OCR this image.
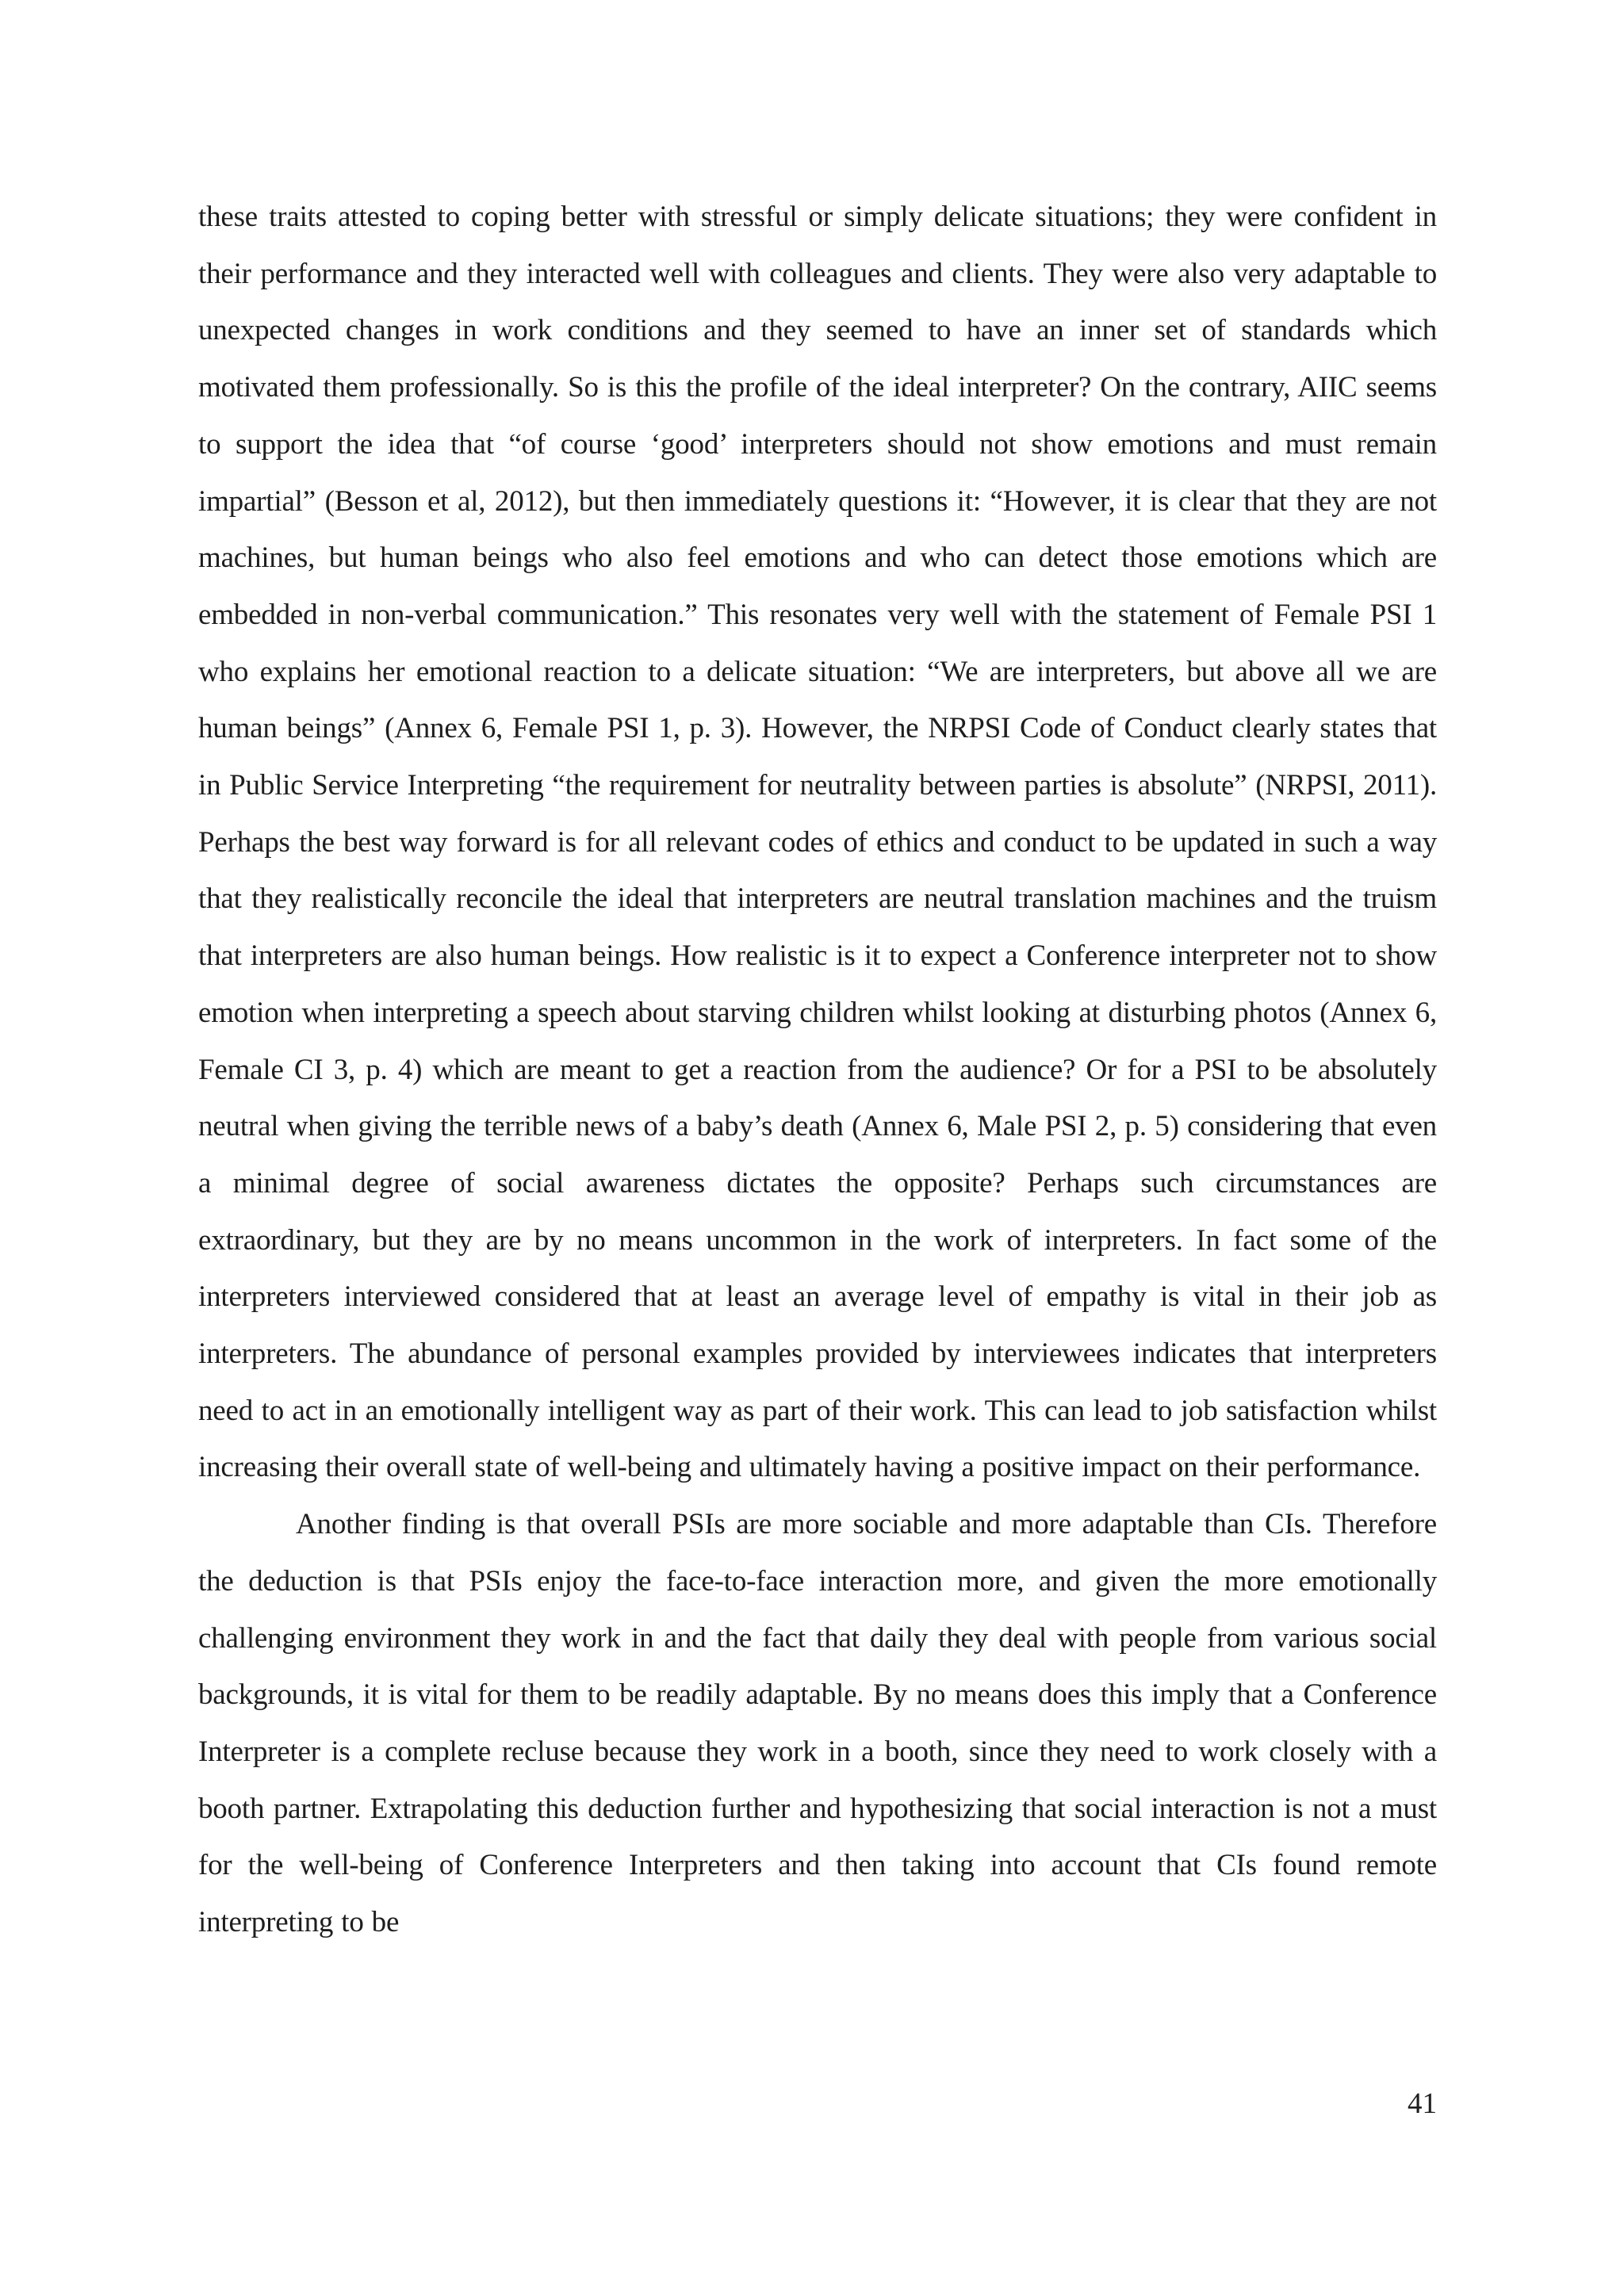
these traits attested to coping better with stressful or simply delicate situations; they were confident in their performance and they interacted well with colleagues and clients. They were also very adaptable to unexpected changes in work conditions and they seemed to have an inner set of standards which motivated them professionally. So is this the profile of the ideal interpreter? On the contrary, AIIC seems to support the idea that “of course ‘good’ interpreters should not show emotions and must remain impartial” (Besson et al, 2012), but then immediately questions it: “However, it is clear that they are not machines, but human beings who also feel emotions and who can detect those emotions which are embedded in non-verbal communication.” This resonates very well with the statement of Female PSI 1 who explains her emotional reaction to a delicate situation: “We are interpreters, but above all we are human beings” (Annex 6, Female PSI 1, p. 3). However, the NRPSI Code of Conduct clearly states that in Public Service Interpreting “the requirement for neutrality between parties is absolute” (NRPSI, 2011). Perhaps the best way forward is for all relevant codes of ethics and conduct to be updated in such a way that they realistically reconcile the ideal that interpreters are neutral translation machines and the truism that interpreters are also human beings. How realistic is it to expect a Conference interpreter not to show emotion when interpreting a speech about starving children whilst looking at disturbing photos (Annex 6, Female CI 3, p. 4) which are meant to get a reaction from the audience? Or for a PSI to be absolutely neutral when giving the terrible news of a baby’s death (Annex 6, Male PSI 2, p. 5) considering that even a minimal degree of social awareness dictates the opposite? Perhaps such circumstances are extraordinary, but they are by no means uncommon in the work of interpreters. In fact some of the interpreters interviewed considered that at least an average level of empathy is vital in their job as interpreters. The abundance of personal examples provided by interviewees indicates that interpreters need to act in an emotionally intelligent way as part of their work. This can lead to job satisfaction whilst increasing their overall state of well-being and ultimately having a positive impact on their performance.

Another finding is that overall PSIs are more sociable and more adaptable than CIs. Therefore the deduction is that PSIs enjoy the face-to-face interaction more, and given the more emotionally challenging environment they work in and the fact that daily they deal with people from various social backgrounds, it is vital for them to be readily adaptable. By no means does this imply that a Conference Interpreter is a complete recluse because they work in a booth, since they need to work closely with a booth partner. Extrapolating this deduction further and hypothesizing that social interaction is not a must for the well-being of Conference Interpreters and then taking into account that CIs found remote interpreting to be

41
